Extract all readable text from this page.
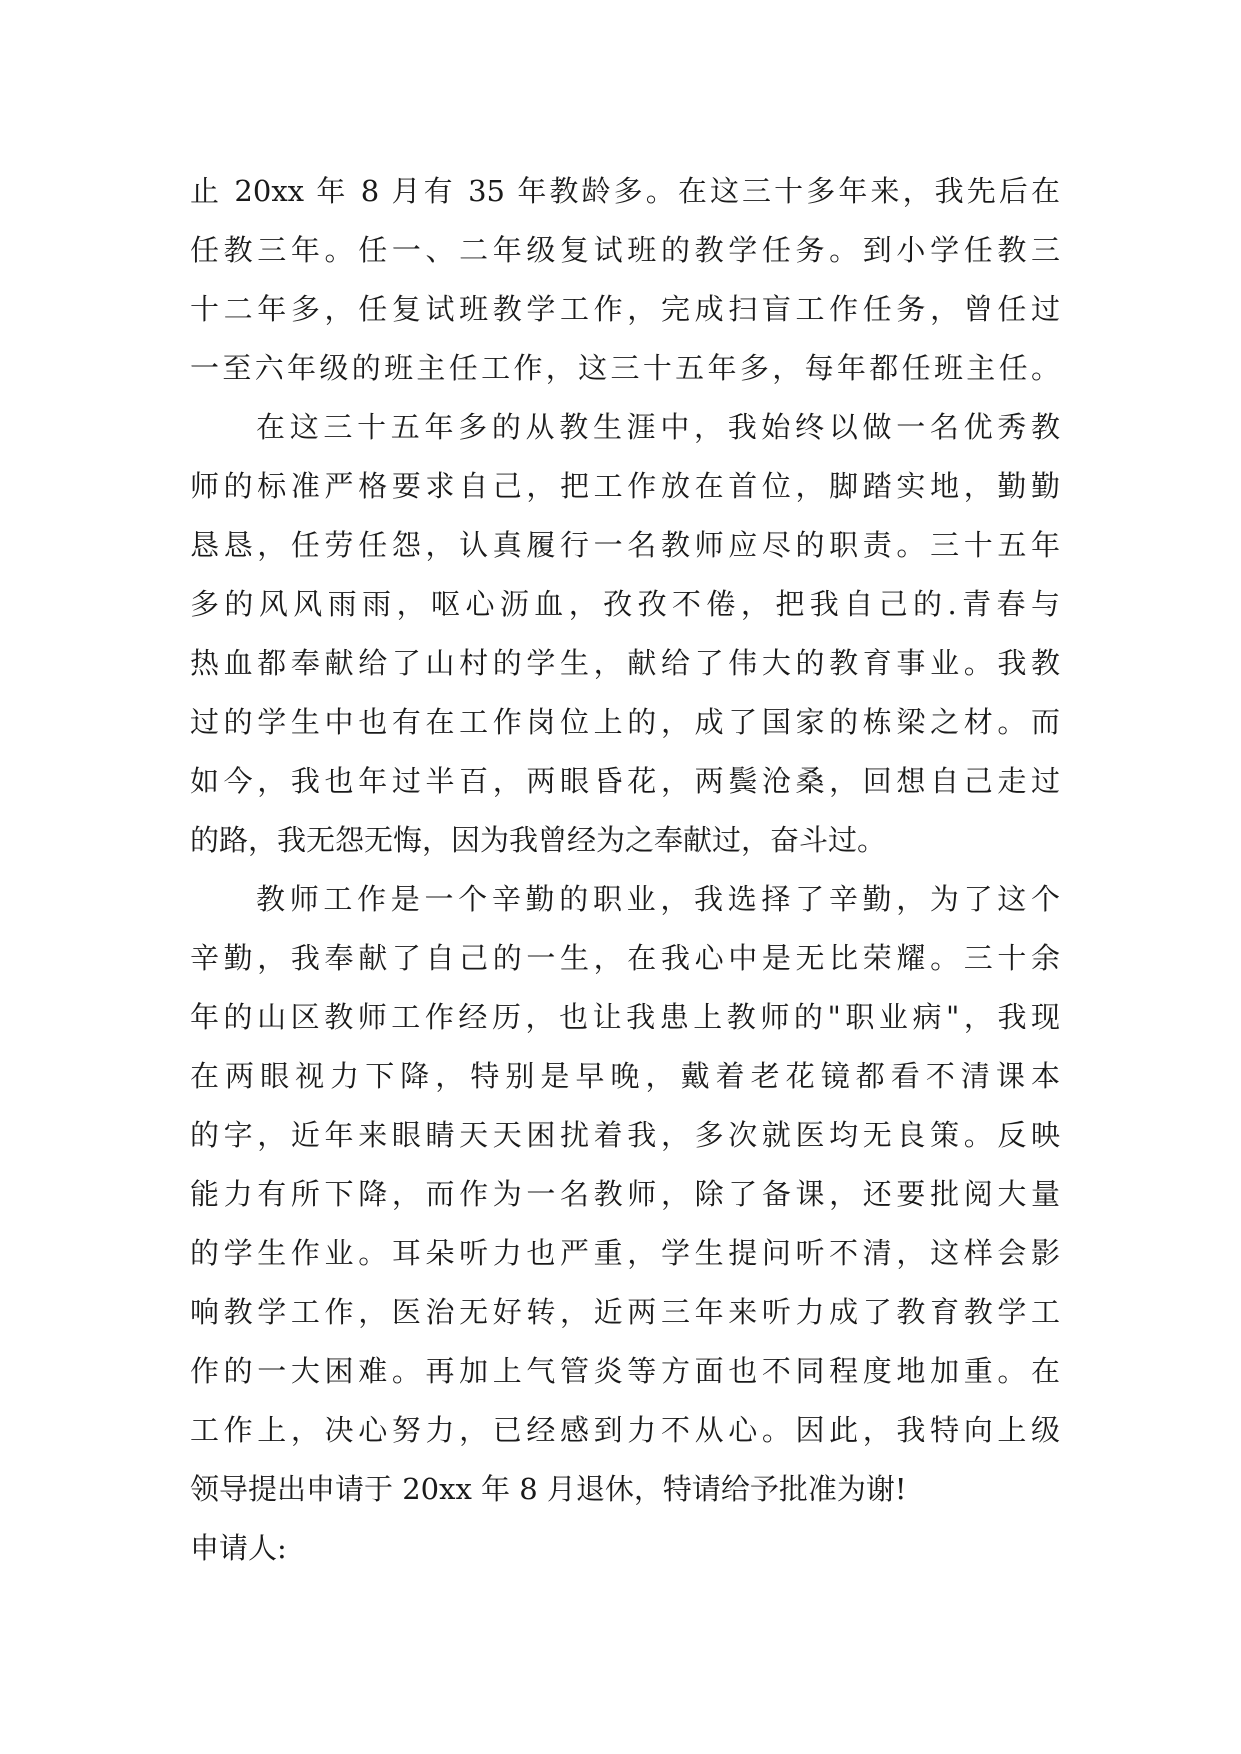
止 20xx 年 8 月有 35 年教龄多。在这三十多年来，我先后在
任教三年。任一、二年级复试班的教学任务。到小学任教三
十二年多，任复试班教学工作，完成扫盲工作任务，曾任过
一至六年级的班主任工作，这三十五年多，每年都任班主任。
在这三十五年多的从教生涯中，我始终以做一名优秀教
师的标准严格要求自己，把工作放在首位，脚踏实地，勤勤
恳恳，任劳任怨，认真履行一名教师应尽的职责。三十五年
多的风风雨雨，呕心沥血，孜孜不倦，把我自己的.青春与
热血都奉献给了山村的学生，献给了伟大的教育事业。我教
过的学生中也有在工作岗位上的，成了国家的栋梁之材。而
如今，我也年过半百，两眼昏花，两鬓沧桑，回想自己走过
的路，我无怨无悔，因为我曾经为之奉献过，奋斗过。
教师工作是一个辛勤的职业，我选择了辛勤，为了这个
辛勤，我奉献了自己的一生，在我心中是无比荣耀。三十余
年的山区教师工作经历，也让我患上教师的"职业病"，我现
在两眼视力下降，特别是早晚，戴着老花镜都看不清课本
的字，近年来眼睛天天困扰着我，多次就医均无良策。反映
能力有所下降，而作为一名教师，除了备课，还要批阅大量
的学生作业。耳朵听力也严重，学生提问听不清，这样会影
响教学工作，医治无好转，近两三年来听力成了教育教学工
作的一大困难。再加上气管炎等方面也不同程度地加重。在
工作上，决心努力，已经感到力不从心。因此，我特向上级
领导提出申请于 20xx 年 8 月退休，特请给予批准为谢!
申请人:
